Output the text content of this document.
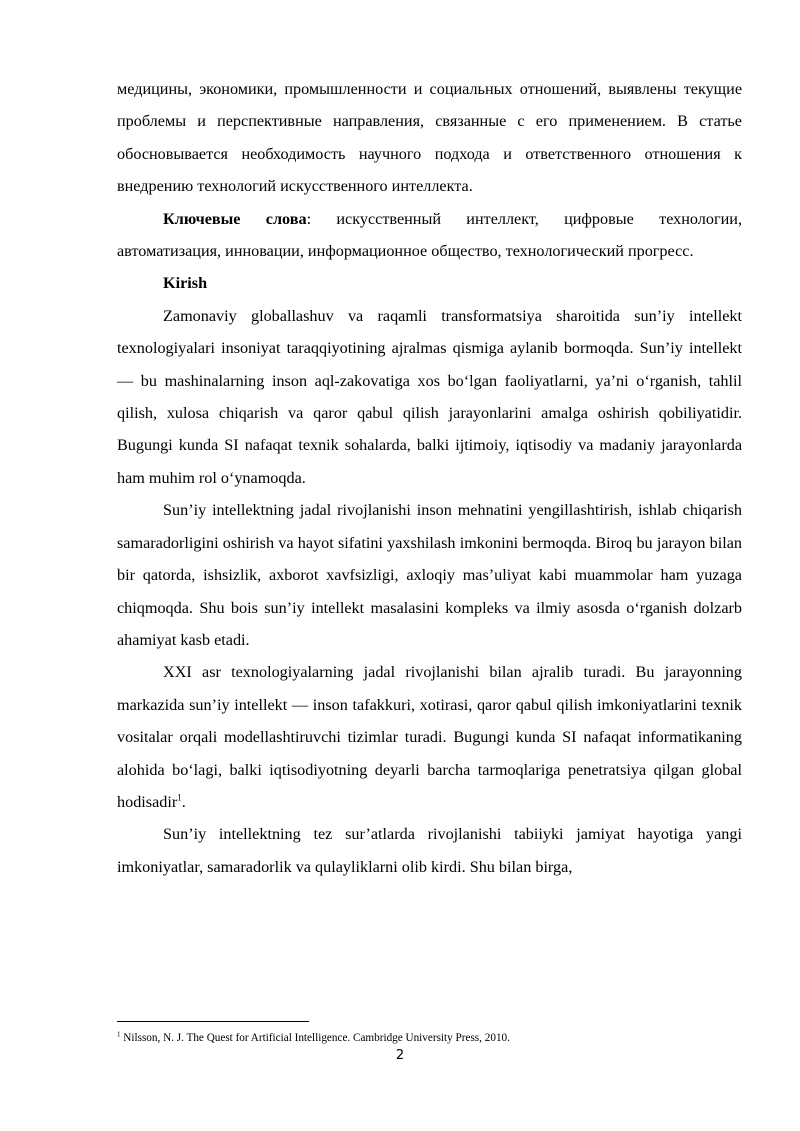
медицины, экономики, промышленности и социальных отношений, выявлены текущие проблемы и перспективные направления, связанные с его применением. В статье обосновывается необходимость научного подхода и ответственного отношения к внедрению технологий искусственного интеллекта.

Ключевые слова: искусственный интеллект, цифровые технологии, автоматизация, инновации, информационное общество, технологический прогресс.

Kirish

Zamonaviy globallashuv va raqamli transformatsiya sharoitida sun’iy intellekt texnologiyalari insoniyat taraqqiyotining ajralmas qismiga aylanib bormoqda. Sun’iy intellekt — bu mashinalarning inson aql-zakovatiga xos bo‘lgan faoliyatlarni, ya’ni o‘rganish, tahlil qilish, xulosa chiqarish va qaror qabul qilish jarayonlarini amalga oshirish qobiliyatidir. Bugungi kunda SI nafaqat texnik sohalarda, balki ijtimoiy, iqtisodiy va madaniy jarayonlarda ham muhim rol o‘ynamoqda.

Sun’iy intellektning jadal rivojlanishi inson mehnatini yengillashtirish, ishlab chiqarish samaradorligini oshirish va hayot sifatini yaxshilash imkonini bermoqda. Biroq bu jarayon bilan bir qatorda, ishsizlik, axborot xavfsizligi, axloqiy mas’uliyat kabi muammolar ham yuzaga chiqmoqda. Shu bois sun’iy intellekt masalasini kompleks va ilmiy asosda o‘rganish dolzarb ahamiyat kasb etadi.

XXI asr texnologiyalarning jadal rivojlanishi bilan ajralib turadi. Bu jarayonning markazida sun’iy intellekt — inson tafakkuri, xotirasi, qaror qabul qilish imkoniyatlarini texnik vositalar orqali modellashtiruvchi tizimlar turadi. Bugungi kunda SI nafaqat informatikaning alohida bo‘lagi, balki iqtisodiyotning deyarli barcha tarmoqlariga penetratsiya qilgan global hodisadir$^1$.

Sun’iy intellektning tez sur’atlarda rivojlanishi tabiiyki jamiyat hayotiga yangi imkoniyatlar, samaradorlik va qulayliklarni olib kirdi. Shu bilan birga,

$^1$ Nilsson, N. J. The Quest for Artificial Intelligence. Cambridge University Press, 2010.
2
